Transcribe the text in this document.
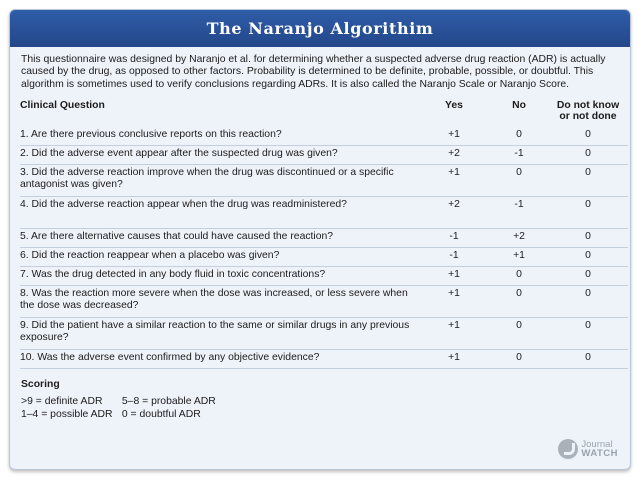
The Naranjo Algorithim
This questionnaire was designed by Naranjo et al. for determining whether a suspected adverse drug reaction (ADR) is actually caused by the drug, as opposed to other factors. Probability is determined to be definite, probable, possible, or doubtful. This algorithm is sometimes used to verify conclusions regarding ADRs. It is also called the Naranjo Scale or Naranjo Score.
Clinical Question	Yes	No	Do not know
or not done

1. Are there previous conclusive reports on this reaction?	+1	0	0
2. Did the adverse event appear after the suspected drug was given?	+2	-1	0
3. Did the adverse reaction improve when the drug was discontinued or a specific antagonist was given?	+1	0	0
4. Did the adverse reaction appear when the drug was readministered?	+2	-1	0
5. Are there alternative causes that could have caused the reaction?	-1	+2	0
6. Did the reaction reappear when a placebo was given?	-1	+1	0
7. Was the drug detected in any body fluid in toxic concentrations?	+1	0	0
8. Was the reaction more severe when the dose was increased, or less severe when the dose was decreased?	+1	0	0
9. Did the patient have a similar reaction to the same or similar drugs in any previous exposure?	+1	0	0
10. Was the adverse event confirmed by any objective evidence?	+1	0	0
Scoring
>9 = definite ADR 5–8 = probable ADR
1–4 = possible ADR 0 = doubtful ADR
Journal
WATCH
